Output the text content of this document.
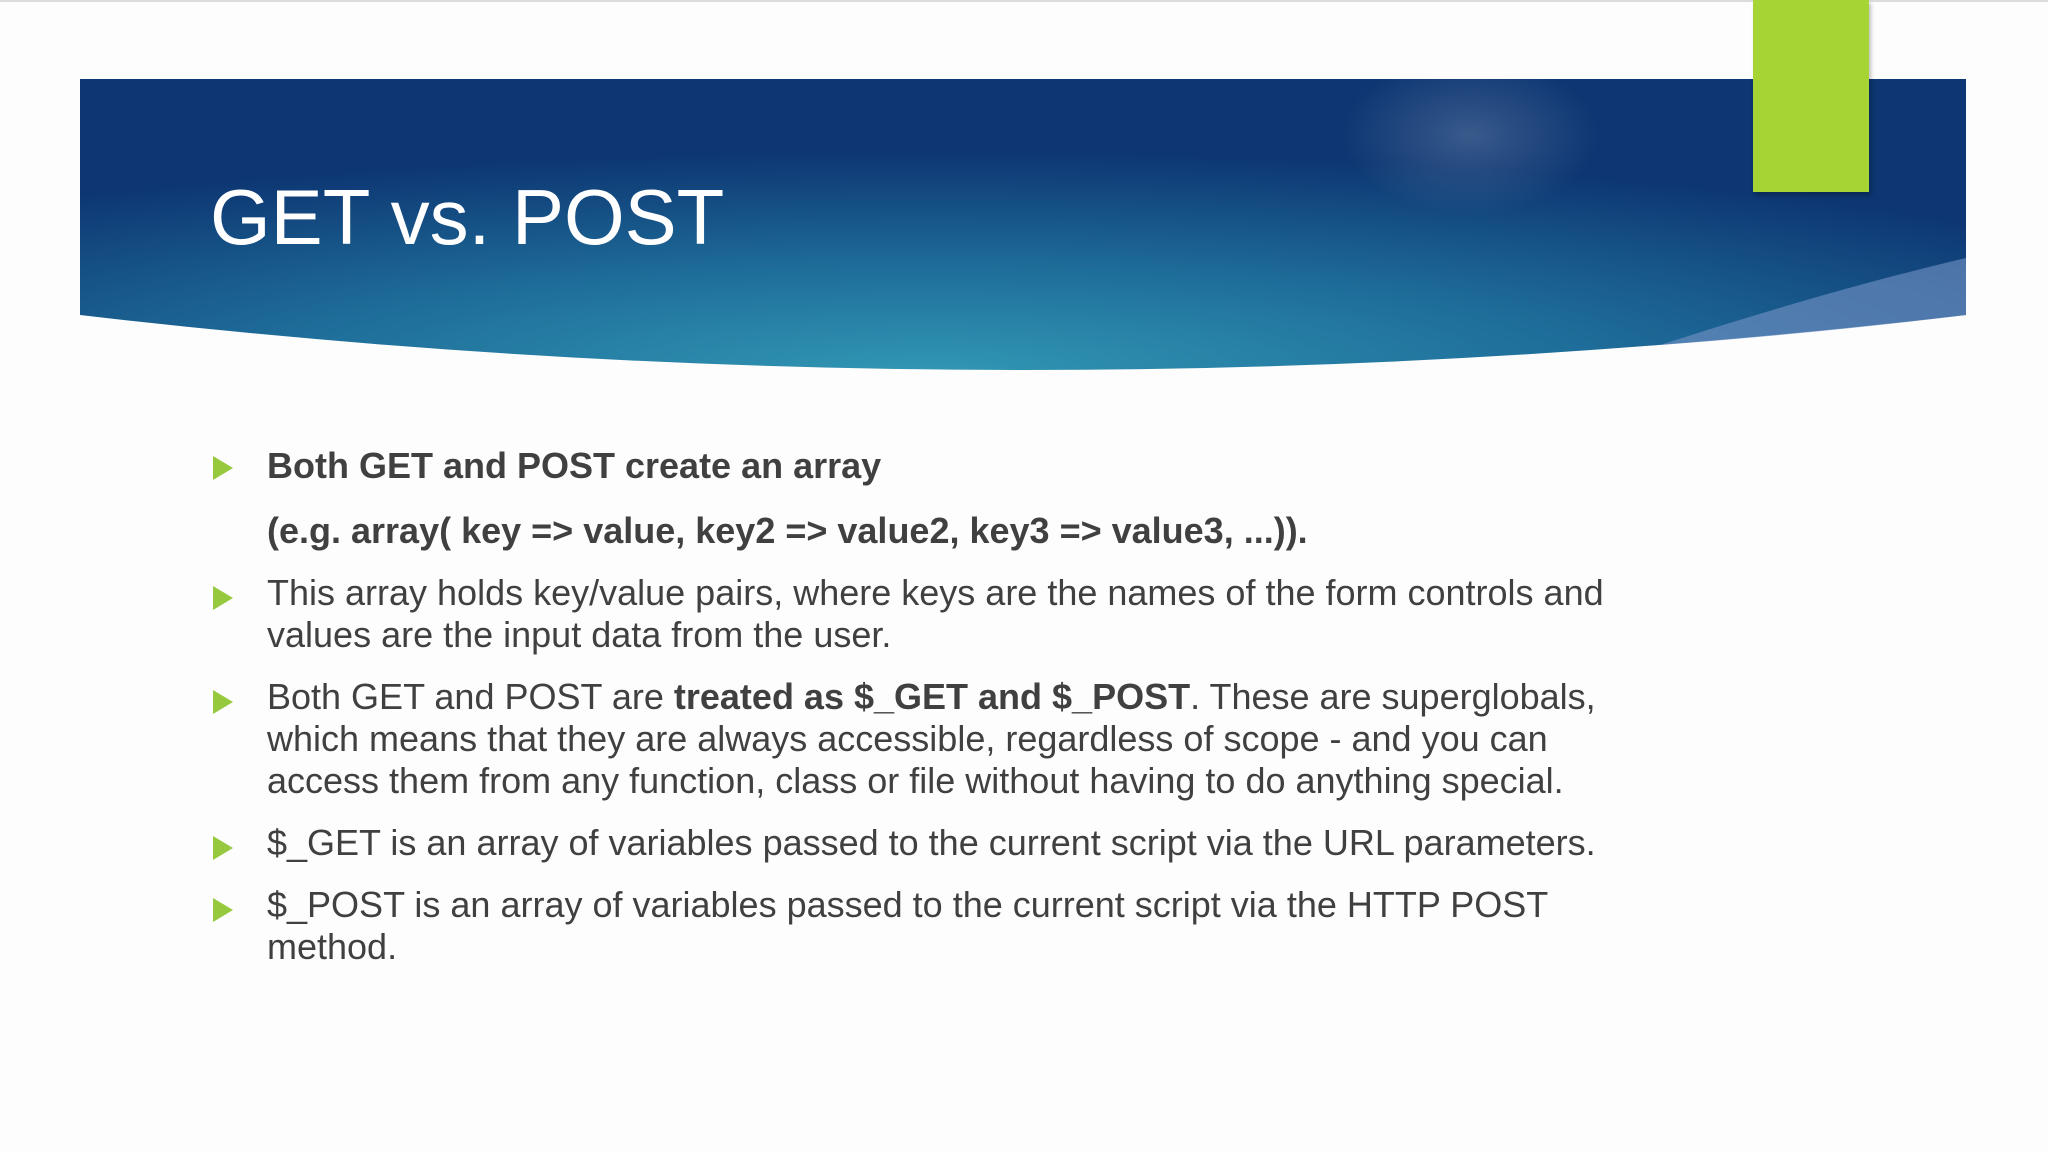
GET vs. POST
Both GET and POST create an array
(e.g. array( key => value, key2 => value2, key3 => value3, ...)).
This array holds key/value pairs, where keys are the names of the form controls and values are the input data from the user.
Both GET and POST are treated as $_GET and $_POST. These are superglobals, which means that they are always accessible, regardless of scope - and you can access them from any function, class or file without having to do anything special.
$_GET is an array of variables passed to the current script via the URL parameters.
$_POST is an array of variables passed to the current script via the HTTP POST method.
